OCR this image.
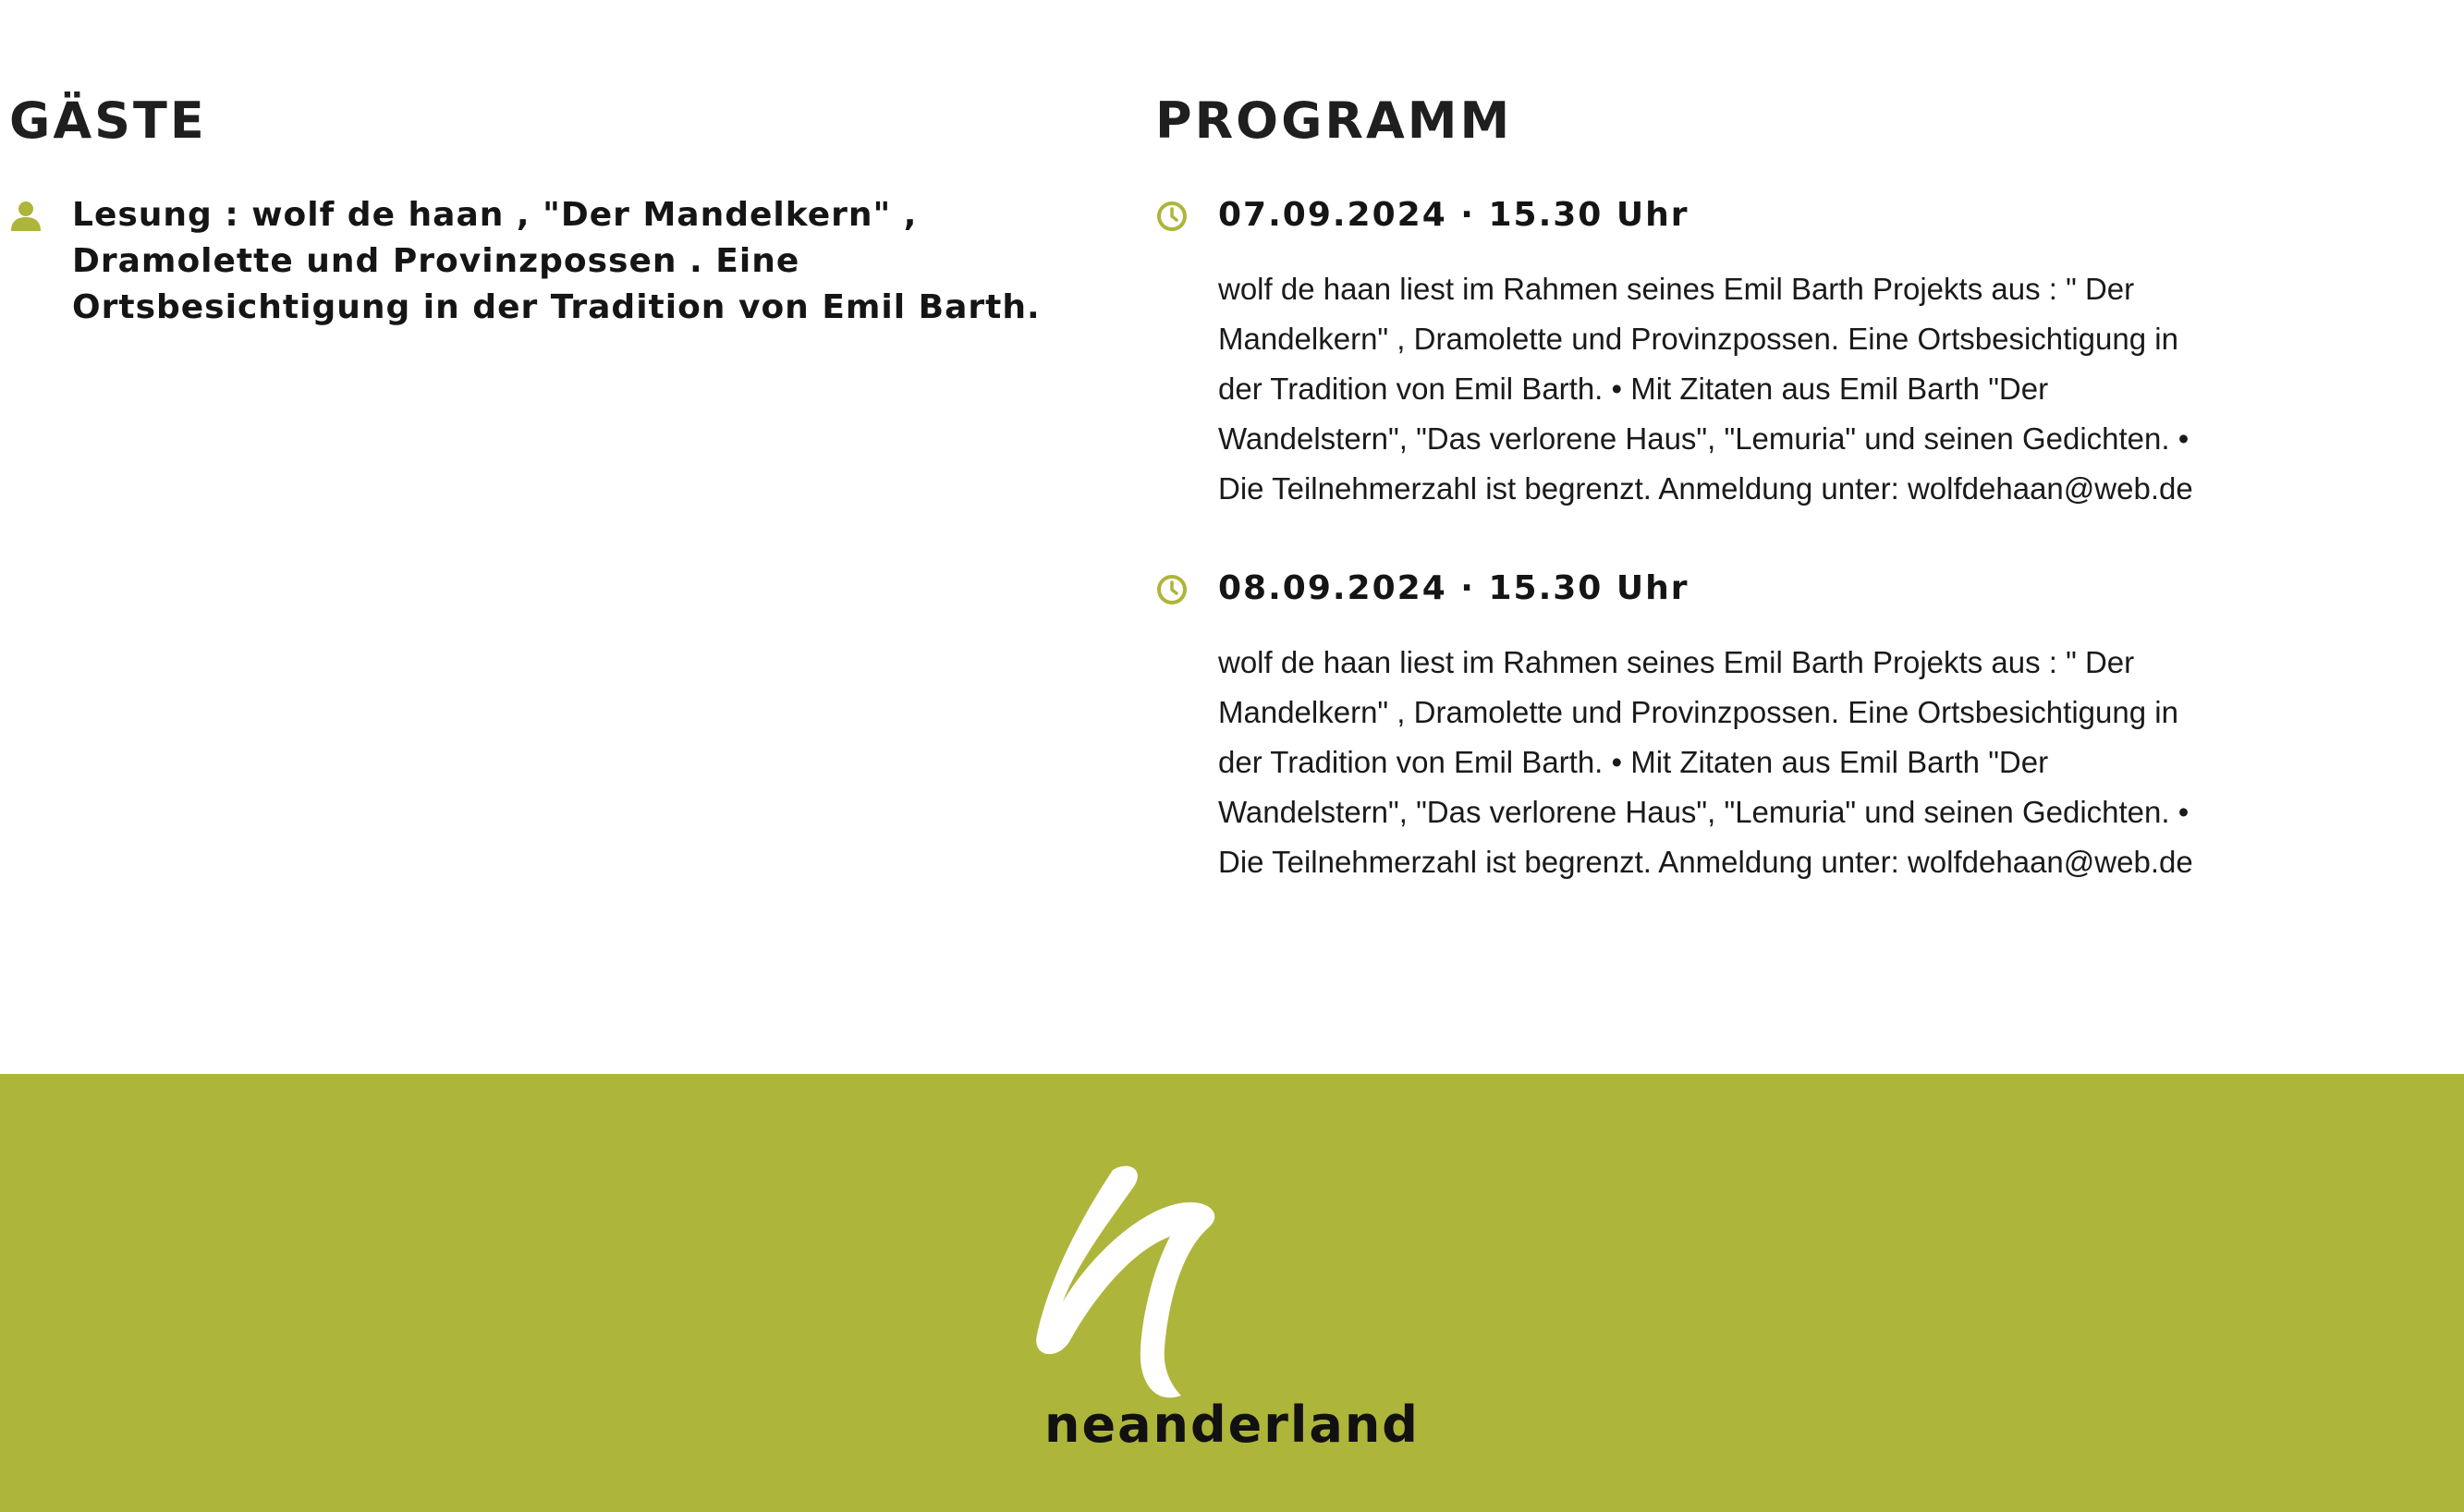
GÄSTE
Lesung : wolf de haan , "Der Mandelkern" , Dramolette und Provinzpossen . Eine Ortsbesichtigung in der Tradition von Emil Barth.
PROGRAMM
07.09.2024 · 15.30 Uhr
wolf de haan liest im Rahmen seines Emil Barth Projekts aus : " Der Mandelkern" , Dramolette und Provinzpossen. Eine Ortsbesichtigung in der Tradition von Emil Barth. • Mit Zitaten aus Emil Barth "Der Wandelstern", "Das verlorene Haus", "Lemuria" und seinen Gedichten. • Die Teilnehmerzahl ist begrenzt. Anmeldung unter: wolfdehaan@web.de
08.09.2024 · 15.30 Uhr
wolf de haan liest im Rahmen seines Emil Barth Projekts aus : " Der Mandelkern" , Dramolette und Provinzpossen. Eine Ortsbesichtigung in der Tradition von Emil Barth. • Mit Zitaten aus Emil Barth "Der Wandelstern", "Das verlorene Haus", "Lemuria" und seinen Gedichten. • Die Teilnehmerzahl ist begrenzt. Anmeldung unter: wolfdehaan@web.de
neanderland
